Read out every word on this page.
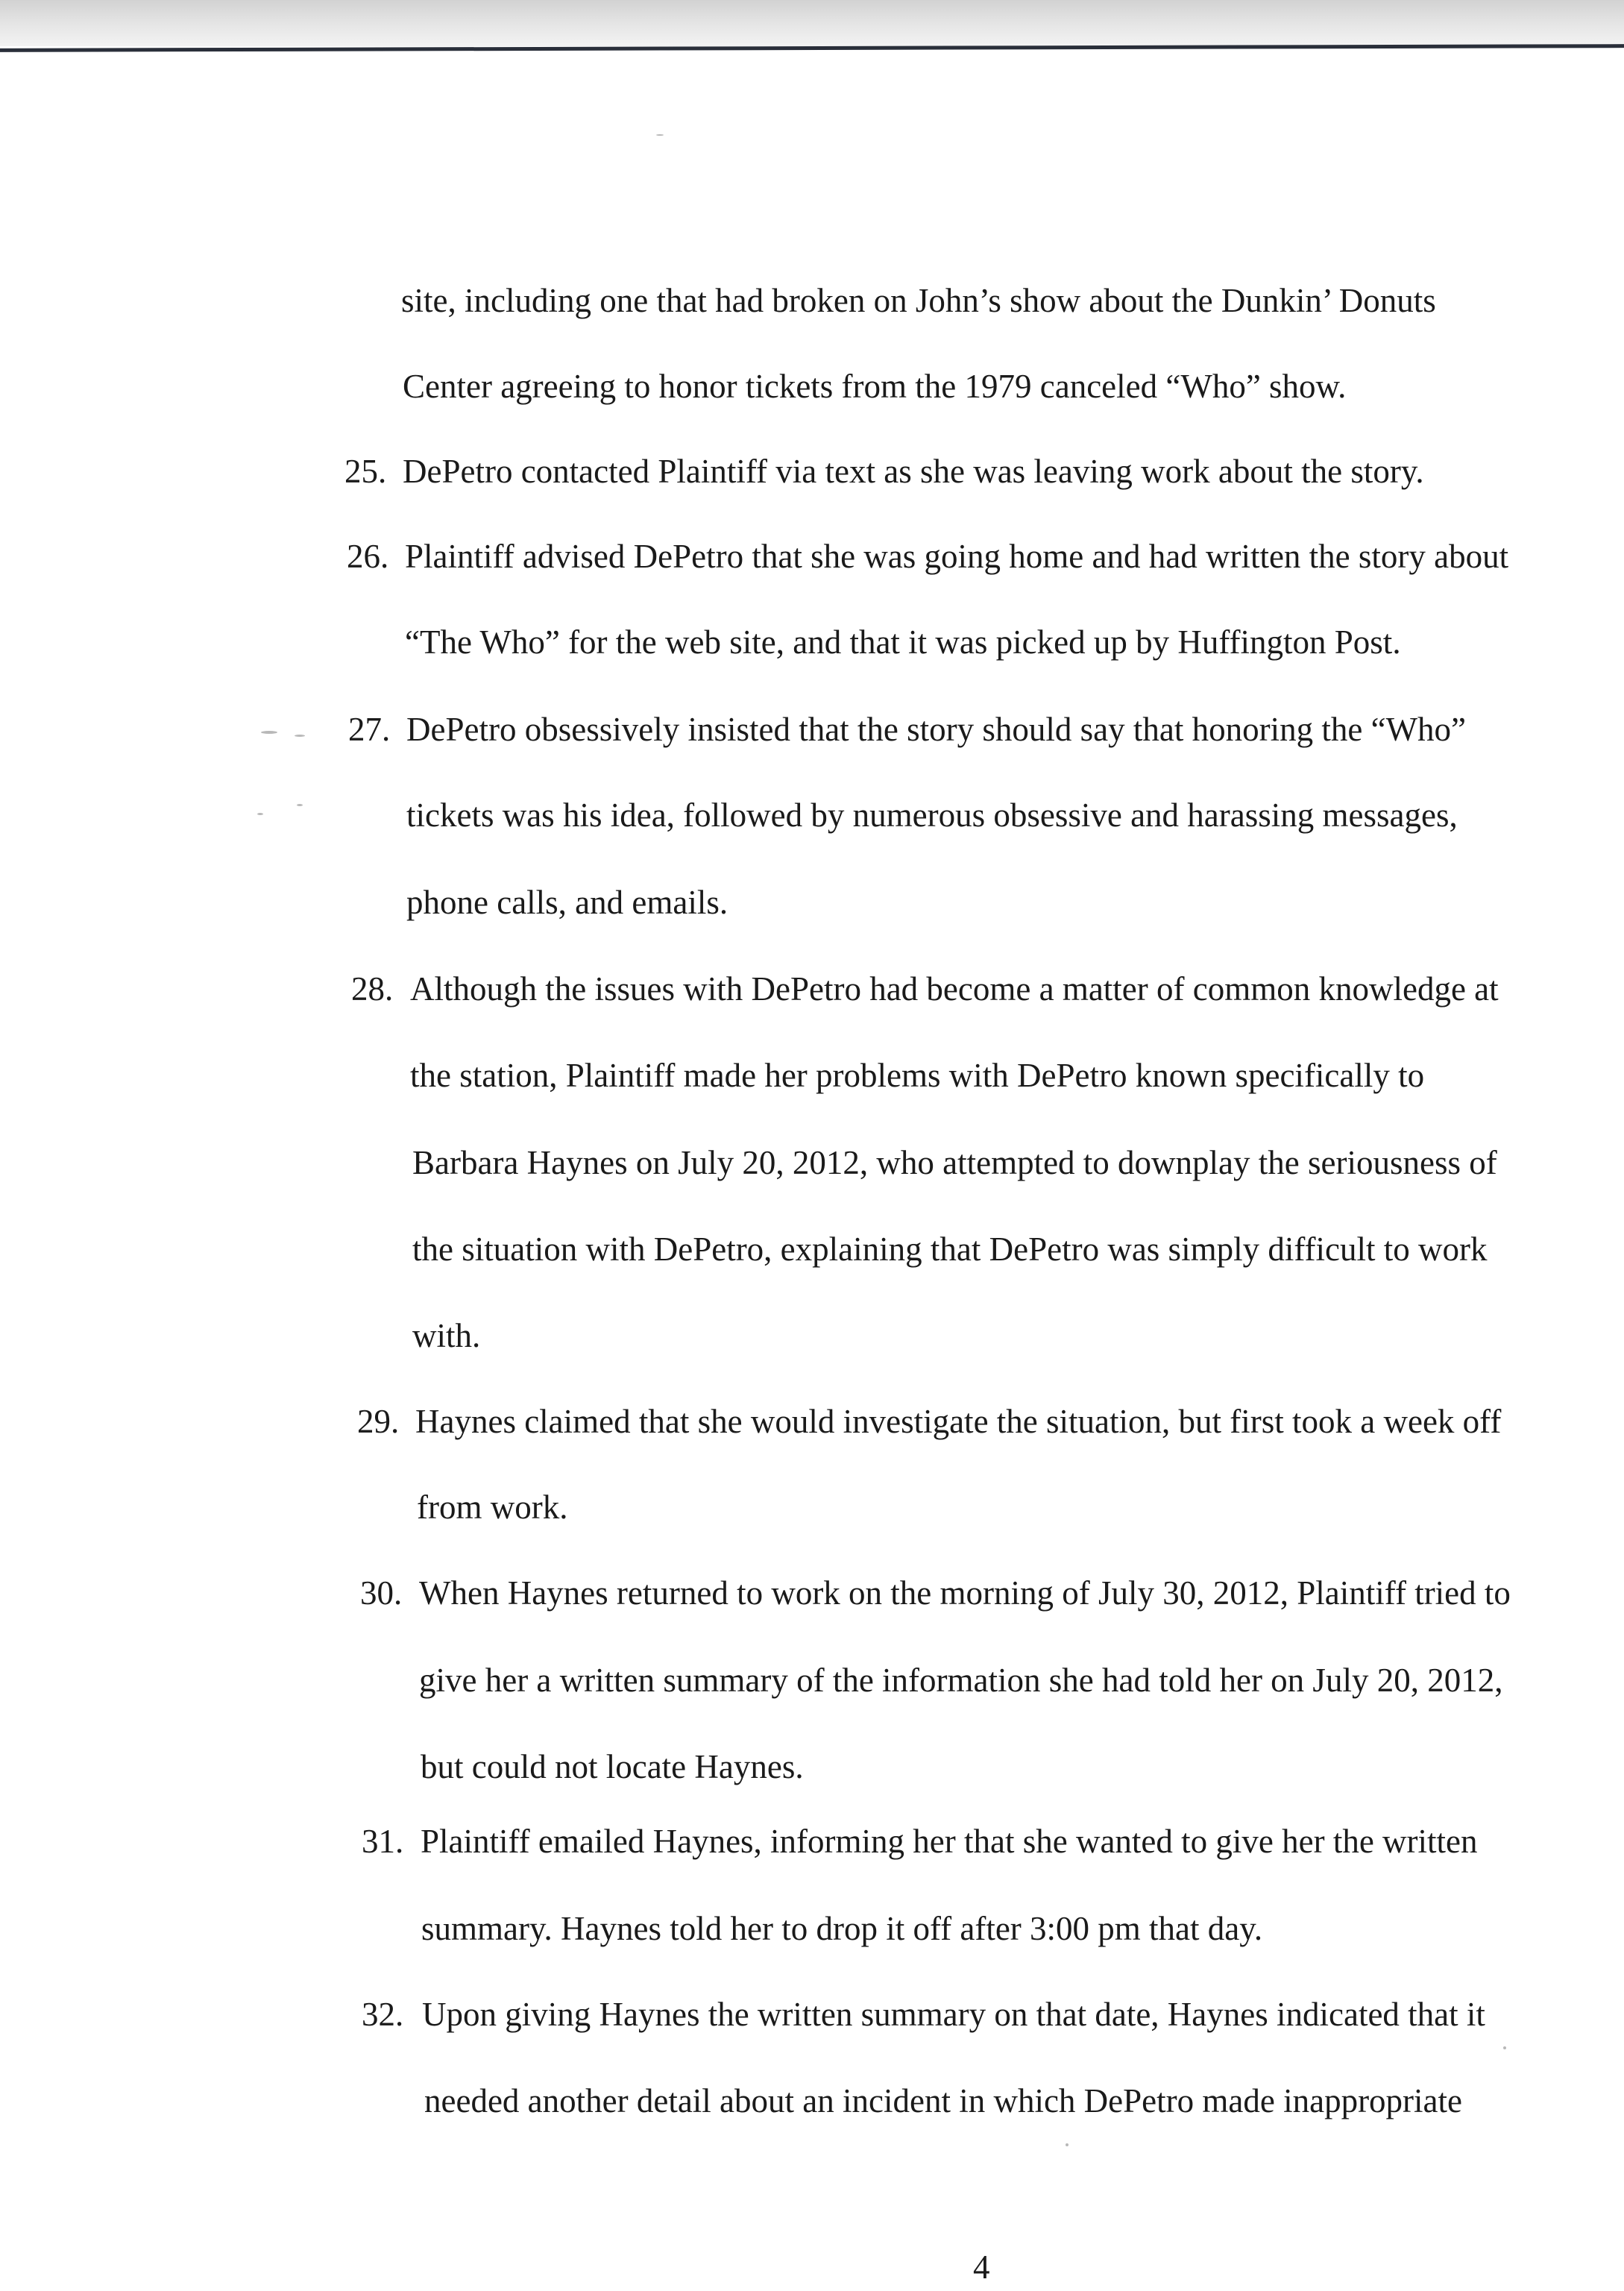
site, including one that had broken on John’s show about the Dunkin’ Donuts
Center agreeing to honor tickets from the 1979 canceled “Who” show.
25. DePetro contacted Plaintiff via text as she was leaving work about the story.
26. Plaintiff advised DePetro that she was going home and had written the story about
“The Who” for the web site, and that it was picked up by Huffington Post.
27. DePetro obsessively insisted that the story should say that honoring the “Who”
tickets was his idea, followed by numerous obsessive and harassing messages,
phone calls, and emails.
28. Although the issues with DePetro had become a matter of common knowledge at
the station, Plaintiff made her problems with DePetro known specifically to
Barbara Haynes on July 20, 2012, who attempted to downplay the seriousness of
the situation with DePetro, explaining that DePetro was simply difficult to work
with.
29. Haynes claimed that she would investigate the situation, but first took a week off
from work.
30. When Haynes returned to work on the morning of July 30, 2012, Plaintiff tried to
give her a written summary of the information she had told her on July 20, 2012,
but could not locate Haynes.
31. Plaintiff emailed Haynes, informing her that she wanted to give her the written
summary. Haynes told her to drop it off after 3:00 pm that day.
32. Upon giving Haynes the written summary on that date, Haynes indicated that it
needed another detail about an incident in which DePetro made inappropriate
4
